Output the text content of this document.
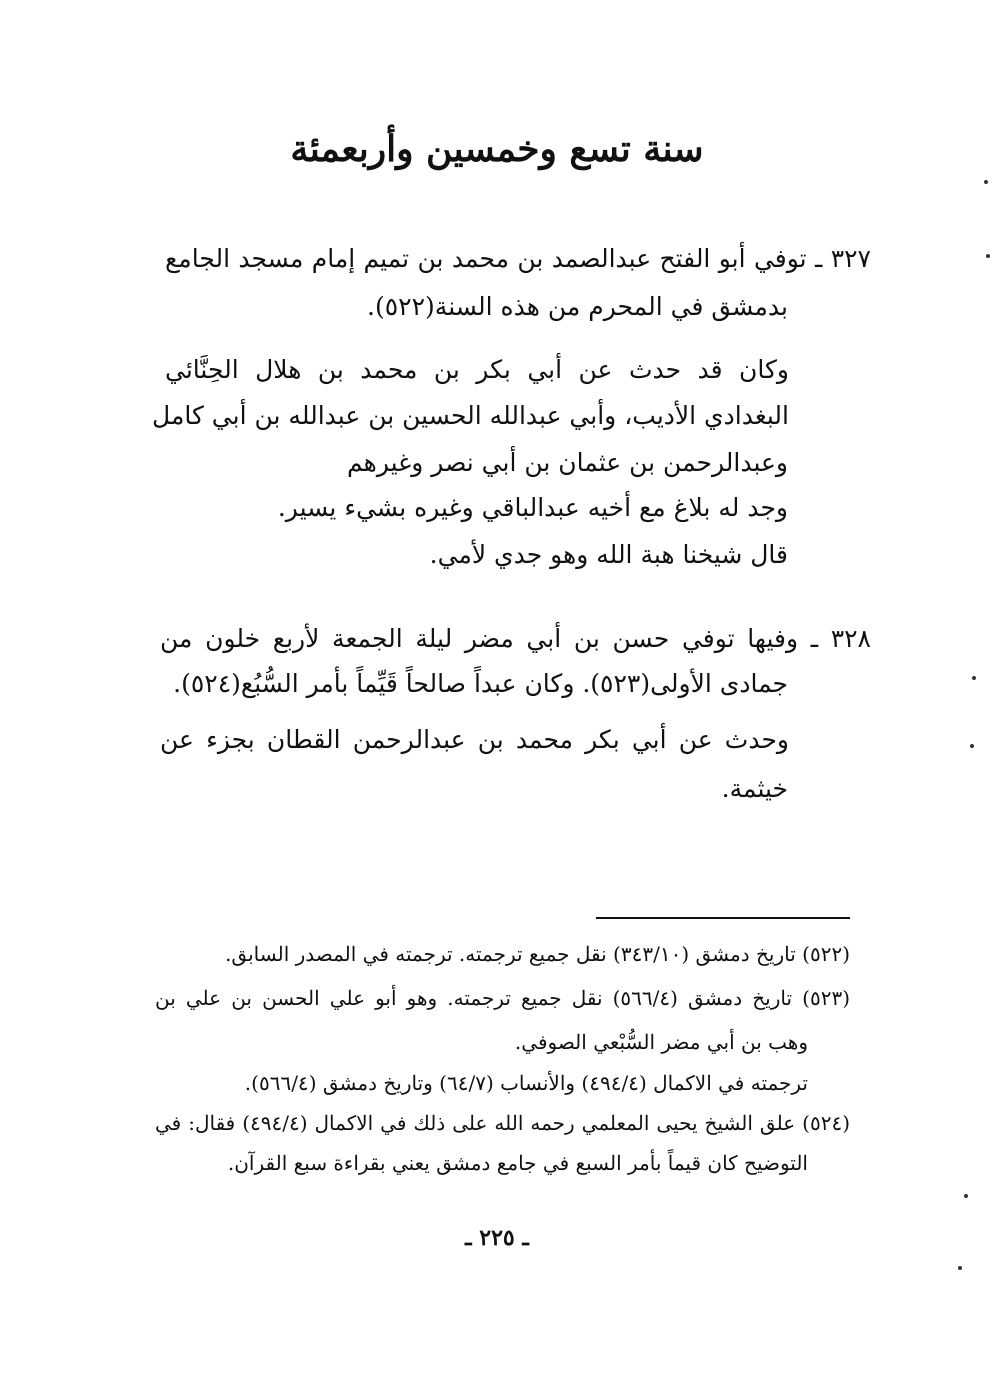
سنة تسع وخمسين وأربعمئة
٣٢٧ ـ توفي أبو الفتح عبدالصمد بن محمد بن تميم إمام مسجد الجامع
بدمشق في المحرم من هذه السنة(٥٢٢).
وكان قد حدث عن أبي بكر بن محمد بن هلال الحِنَّائي
البغدادي الأديب، وأبي عبدالله الحسين بن عبدالله بن أبي كامل
وعبدالرحمن بن عثمان بن أبي نصر وغيرهم
وجد له بلاغ مع أخيه عبدالباقي وغيره بشيء يسير.
قال شيخنا هبة الله وهو جدي لأمي.
٣٢٨ ـ وفيها توفي حسن بن أبي مضر ليلة الجمعة لأربع خلون من
جمادى الأولى(٥٢٣). وكان عبداً صالحاً قَيِّماً بأمر السُّبُع(٥٢٤).
وحدث عن أبي بكر محمد بن عبدالرحمن القطان بجزء عن
خيثمة.
(٥٢٢) تاريخ دمشق (٣٤٣/١٠) نقل جميع ترجمته. ترجمته في المصدر السابق.
(٥٢٣) تاريخ دمشق (٥٦٦/٤) نقل جميع ترجمته. وهو أبو علي الحسن بن علي بن
وهب بن أبي مضر السُّبْعي الصوفي.
ترجمته في الاكمال (٤٩٤/٤) والأنساب (٦٤/٧) وتاريخ دمشق (٥٦٦/٤).
(٥٢٤) علق الشيخ يحيى المعلمي رحمه الله على ذلك في الاكمال (٤٩٤/٤) فقال: في
التوضيح كان قيماً بأمر السبع في جامع دمشق يعني بقراءة سبع القرآن.
ـ ٢٢٥ ـ
